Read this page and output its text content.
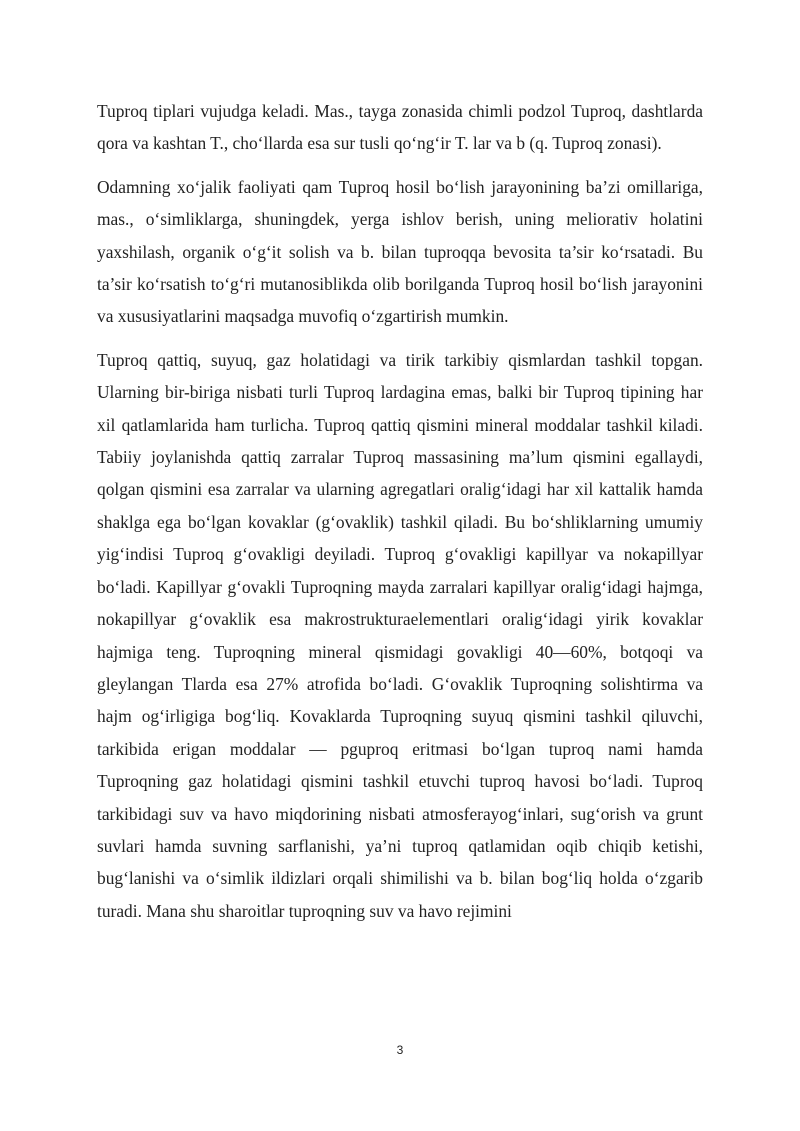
Tuproq tiplari vujudga keladi. Mas., tayga zonasida chimli podzol Tuproq, dashtlarda qora va kashtan T., cho‘llarda esa sur tusli qo‘ng‘ir T. lar va b (q. Tuproq zonasi).

Odamning xo‘jalik faoliyati qam Tuproq hosil bo‘lish jarayonining ba’zi omillariga, mas., o‘simliklarga, shuningdek, yerga ishlov berish, uning meliorativ holatini yaxshilash, organik o‘g‘it solish va b. bilan tuproqqa bevosita ta’sir ko‘rsatadi. Bu ta’sir ko‘rsatish to‘g‘ri mutanosiblikda olib borilganda Tuproq hosil bo‘lish jarayonini va xususiyatlarini maqsadga muvofiq o‘zgartirish mumkin.

Tuproq qattiq, suyuq, gaz holatidagi va tirik tarkibiy qismlardan tashkil topgan. Ularning bir-biriga nisbati turli Tuproq lardagina emas, balki bir Tuproq tipining har xil qatlamlarida ham turlicha. Tuproq qattiq qismini mineral moddalar tashkil kiladi. Tabiiy joylanishda qattiq zarralar Tuproq massasining ma’lum qismini egallaydi, qolgan qismini esa zarralar va ularning agregatlari oralig‘idagi har xil kattalik hamda shaklga ega bo‘lgan kovaklar (g‘ovaklik) tashkil qiladi. Bu bo‘shliklarning umumiy yig‘indisi Tuproq g‘ovakligi deyiladi. Tuproq g‘ovakligi kapillyar va nokapillyar bo‘ladi. Kapillyar g‘ovakli Tuproqning mayda zarralari kapillyar oralig‘idagi hajmga, nokapillyar g‘ovaklik esa makrostrukturaelementlari oralig‘idagi yirik kovaklar hajmiga teng. Tuproqning mineral qismidagi govakligi 40—60%, botqoqi va gleylangan Tlarda esa 27% atrofida bo‘ladi. G‘ovaklik Tuproqning solishtirma va hajm og‘irligiga bog‘liq. Kovaklarda Tuproqning suyuq qismini tashkil qiluvchi, tarkibida erigan moddalar — pguproq eritmasi bo‘lgan tuproq nami hamda Tuproqning gaz holatidagi qismini tashkil etuvchi tuproq havosi bo‘ladi. Tuproq tarkibidagi suv va havo miqdorining nisbati atmosferayog‘inlari, sug‘orish va grunt suvlari hamda suvning sarflanishi, ya’ni tuproq qatlamidan oqib chiqib ketishi, bug‘lanishi va o‘simlik ildizlari orqali shimilishi va b. bilan bog‘liq holda o‘zgarib turadi. Mana shu sharoitlar tuproqning suv va havo rejimini

3
